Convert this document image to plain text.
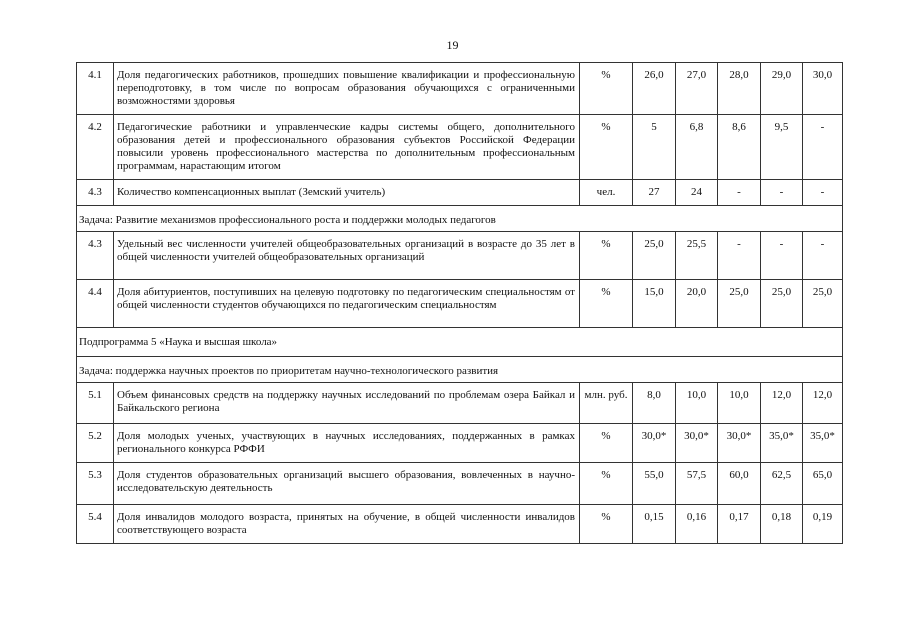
19
4.1	Доля педагогических работников, прошедших повышение квалификации и профессиональную переподготовку, в том числе по вопросам образования обучающихся с ограниченными возможностями здоровья	%	26,0	27,0	28,0	29,0	30,0
4.2	Педагогические работники и управленческие кадры системы общего, дополнительного образования детей и профессионального образования субъектов Российской Федерации повысили уровень профессионального мастерства по дополнительным профессиональным программам, нарастающим итогом	%	5	6,8	8,6	9,5	-
4.3	Количество компенсационных выплат (Земский учитель)	чел.	27	24	-	-	-
Задача: Развитие механизмов профессионального роста и поддержки молодых педагогов							
4.3	Удельный вес численности учителей общеобразовательных организаций в возрасте до 35 лет в общей численности учителей общеобразовательных организаций	%	25,0	25,5	-	-	-
4.4	Доля абитуриентов, поступивших на целевую подготовку по педагогическим специальностям от общей численности студентов обучающихся по педагогическим специальностям	%	15,0	20,0	25,0	25,0	25,0
Подпрограмма 5 «Наука и высшая школа»							
Задача: поддержка научных проектов по приоритетам научно-технологического развития							
5.1	Объем финансовых средств на поддержку научных исследований по проблемам озера Байкал и Байкальского региона	млн. руб.	8,0	10,0	10,0	12,0	12,0
5.2	Доля молодых ученых, участвующих в научных исследованиях, поддержанных в рамках регионального конкурса РФФИ	%	30,0*	30,0*	30,0*	35,0*	35,0*
5.3	Доля студентов образовательных организаций высшего образования, вовлеченных в научно-исследовательскую деятельность	%	55,0	57,5	60,0	62,5	65,0
5.4	Доля инвалидов молодого возраста, принятых на обучение, в общей численности инвалидов соответствующего возраста	%	0,15	0,16	0,17	0,18	0,19
